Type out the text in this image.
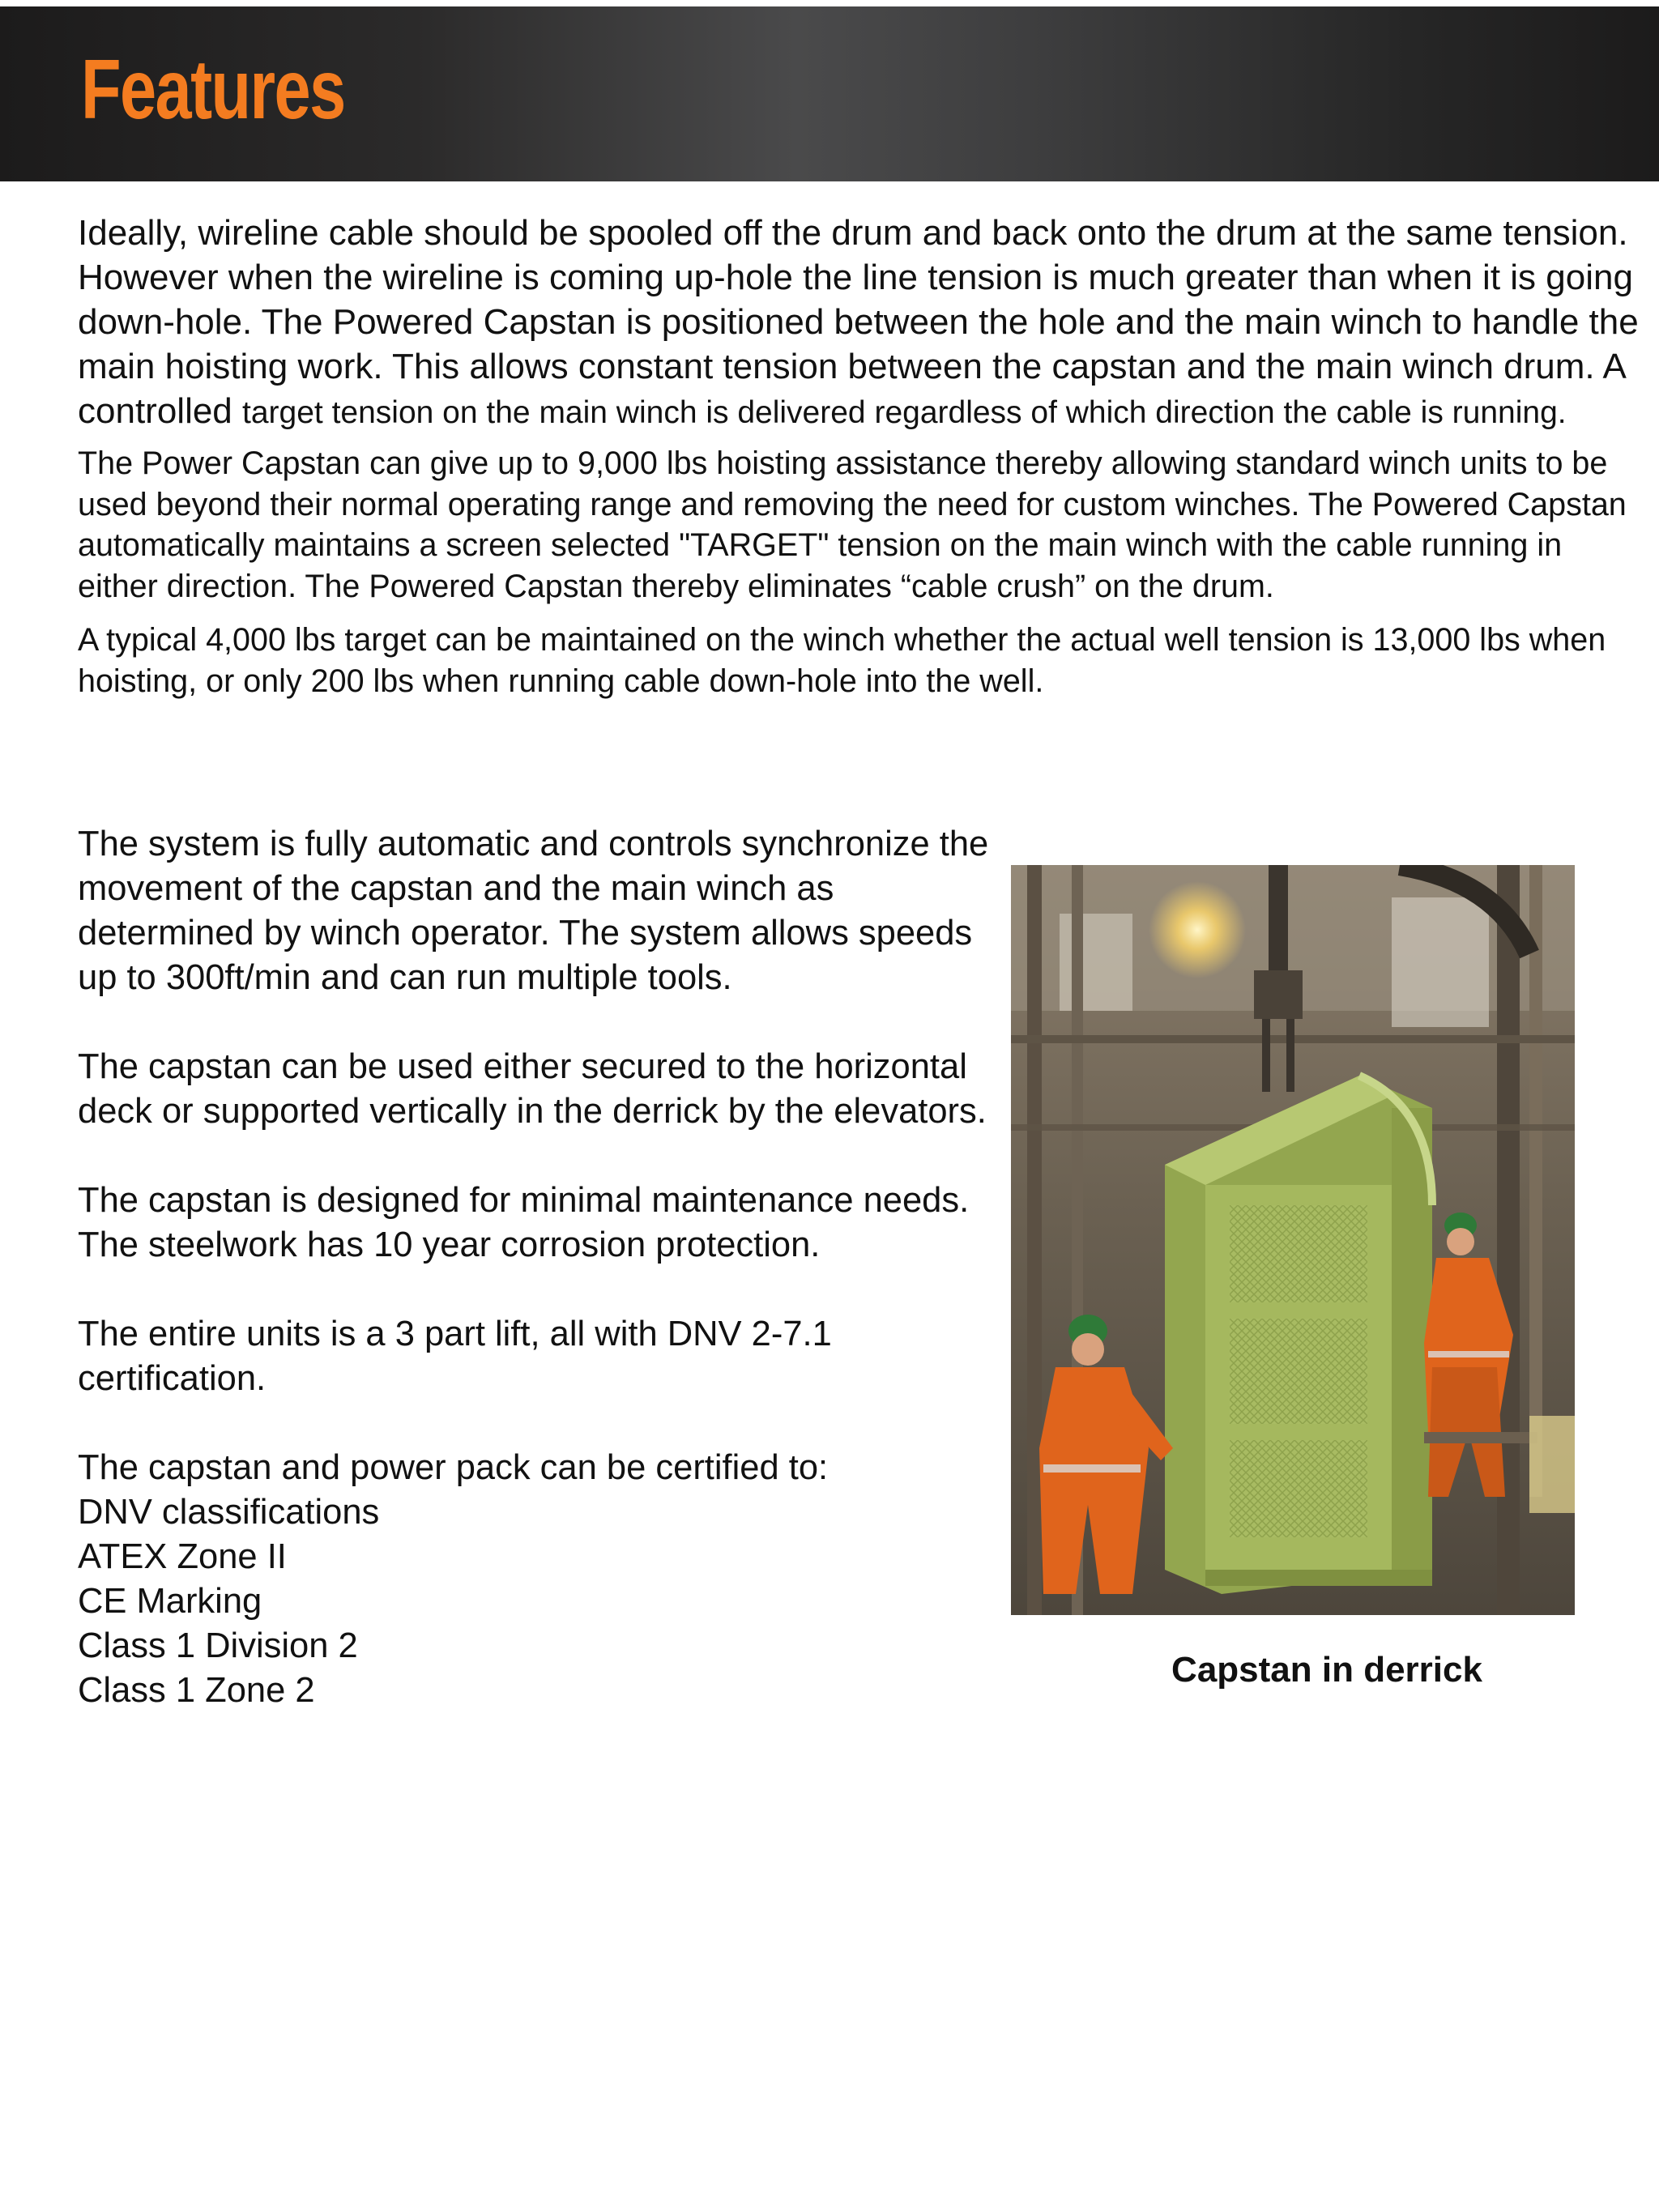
Features

Ideally, wireline cable should be spooled off the drum and back onto the drum at the same tension. However when the wireline is coming up-hole the line tension is much greater than when it is going down-hole. The Powered Capstan is positioned between the hole and the main winch to handle the main hoisting work. This allows constant tension between the capstan and the main winch drum. A controlled target tension on the main winch is delivered regardless of which direction the cable is running.

The Power Capstan can give up to 9,000 lbs hoisting assistance thereby allowing standard winch units to be used beyond their normal operating range and removing the need for custom winches. The Powered Capstan automatically maintains a screen selected "TARGET" tension on the main winch with the cable running in either direction. The Powered Capstan thereby eliminates “cable crush” on the drum.

A typical 4,000 lbs target can be maintained on the winch whether the actual well tension is 13,000 lbs when hoisting, or only 200 lbs when running cable down-hole into the well.

The system is fully automatic and controls synchronize the movement of the capstan and the main winch as determined by winch operator. The system allows speeds up to 300ft/min and can run multiple tools.

The capstan can be used either secured to the horizontal deck or supported vertically in the derrick by the elevators.

The capstan is designed for minimal maintenance needs.

The steelwork has 10 year corrosion protection.

The entire units is a 3 part lift, all with DNV 2-7.1 certification.

The capstan and power pack can be certified to:

DNV classifications
ATEX Zone II
CE Marking
Class 1 Division 2
Class 1 Zone 2

Capstan in derrick
